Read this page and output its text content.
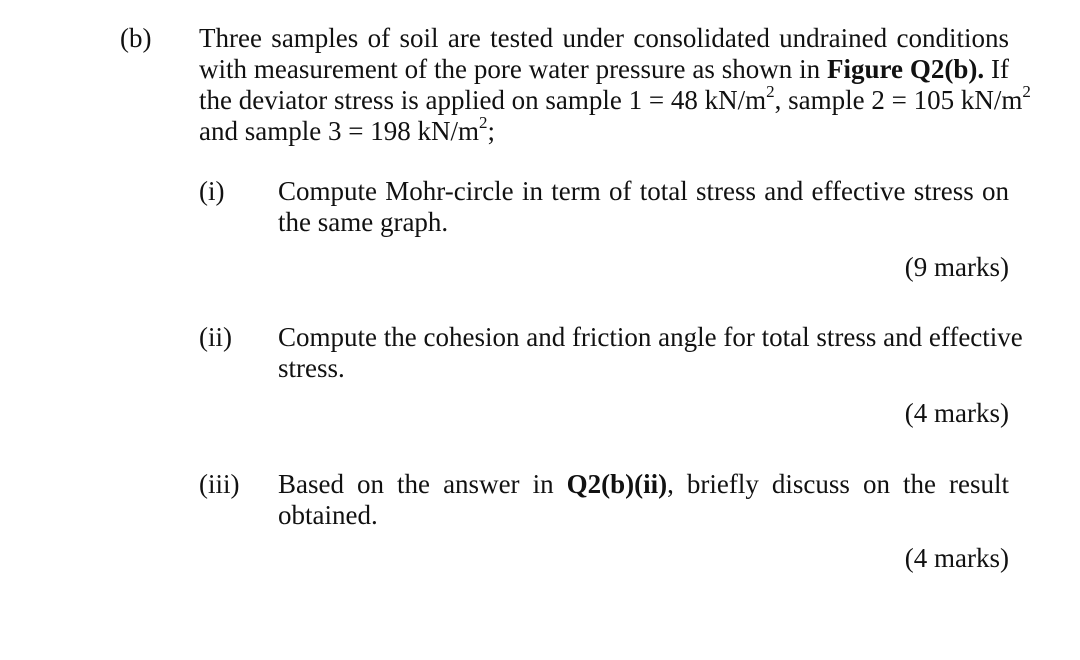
(b) Three samples of soil are tested under consolidated undrained conditions
with measurement of the pore water pressure as shown in Figure Q2(b). If
the deviator stress is applied on sample 1 = 48 $kN/m^2$, sample 2 = 105 $kN/m^2$
and sample 3 = 198 $kN/m^2$;
(i) Compute Mohr-circle in term of total stress and effective stress on
the same graph.
(9 marks)
(ii) Compute the cohesion and friction angle for total stress and effective
stress.
(4 marks)
(iii) Based on the answer in Q2(b)(ii), briefly discuss on the result
obtained.
(4 marks)
